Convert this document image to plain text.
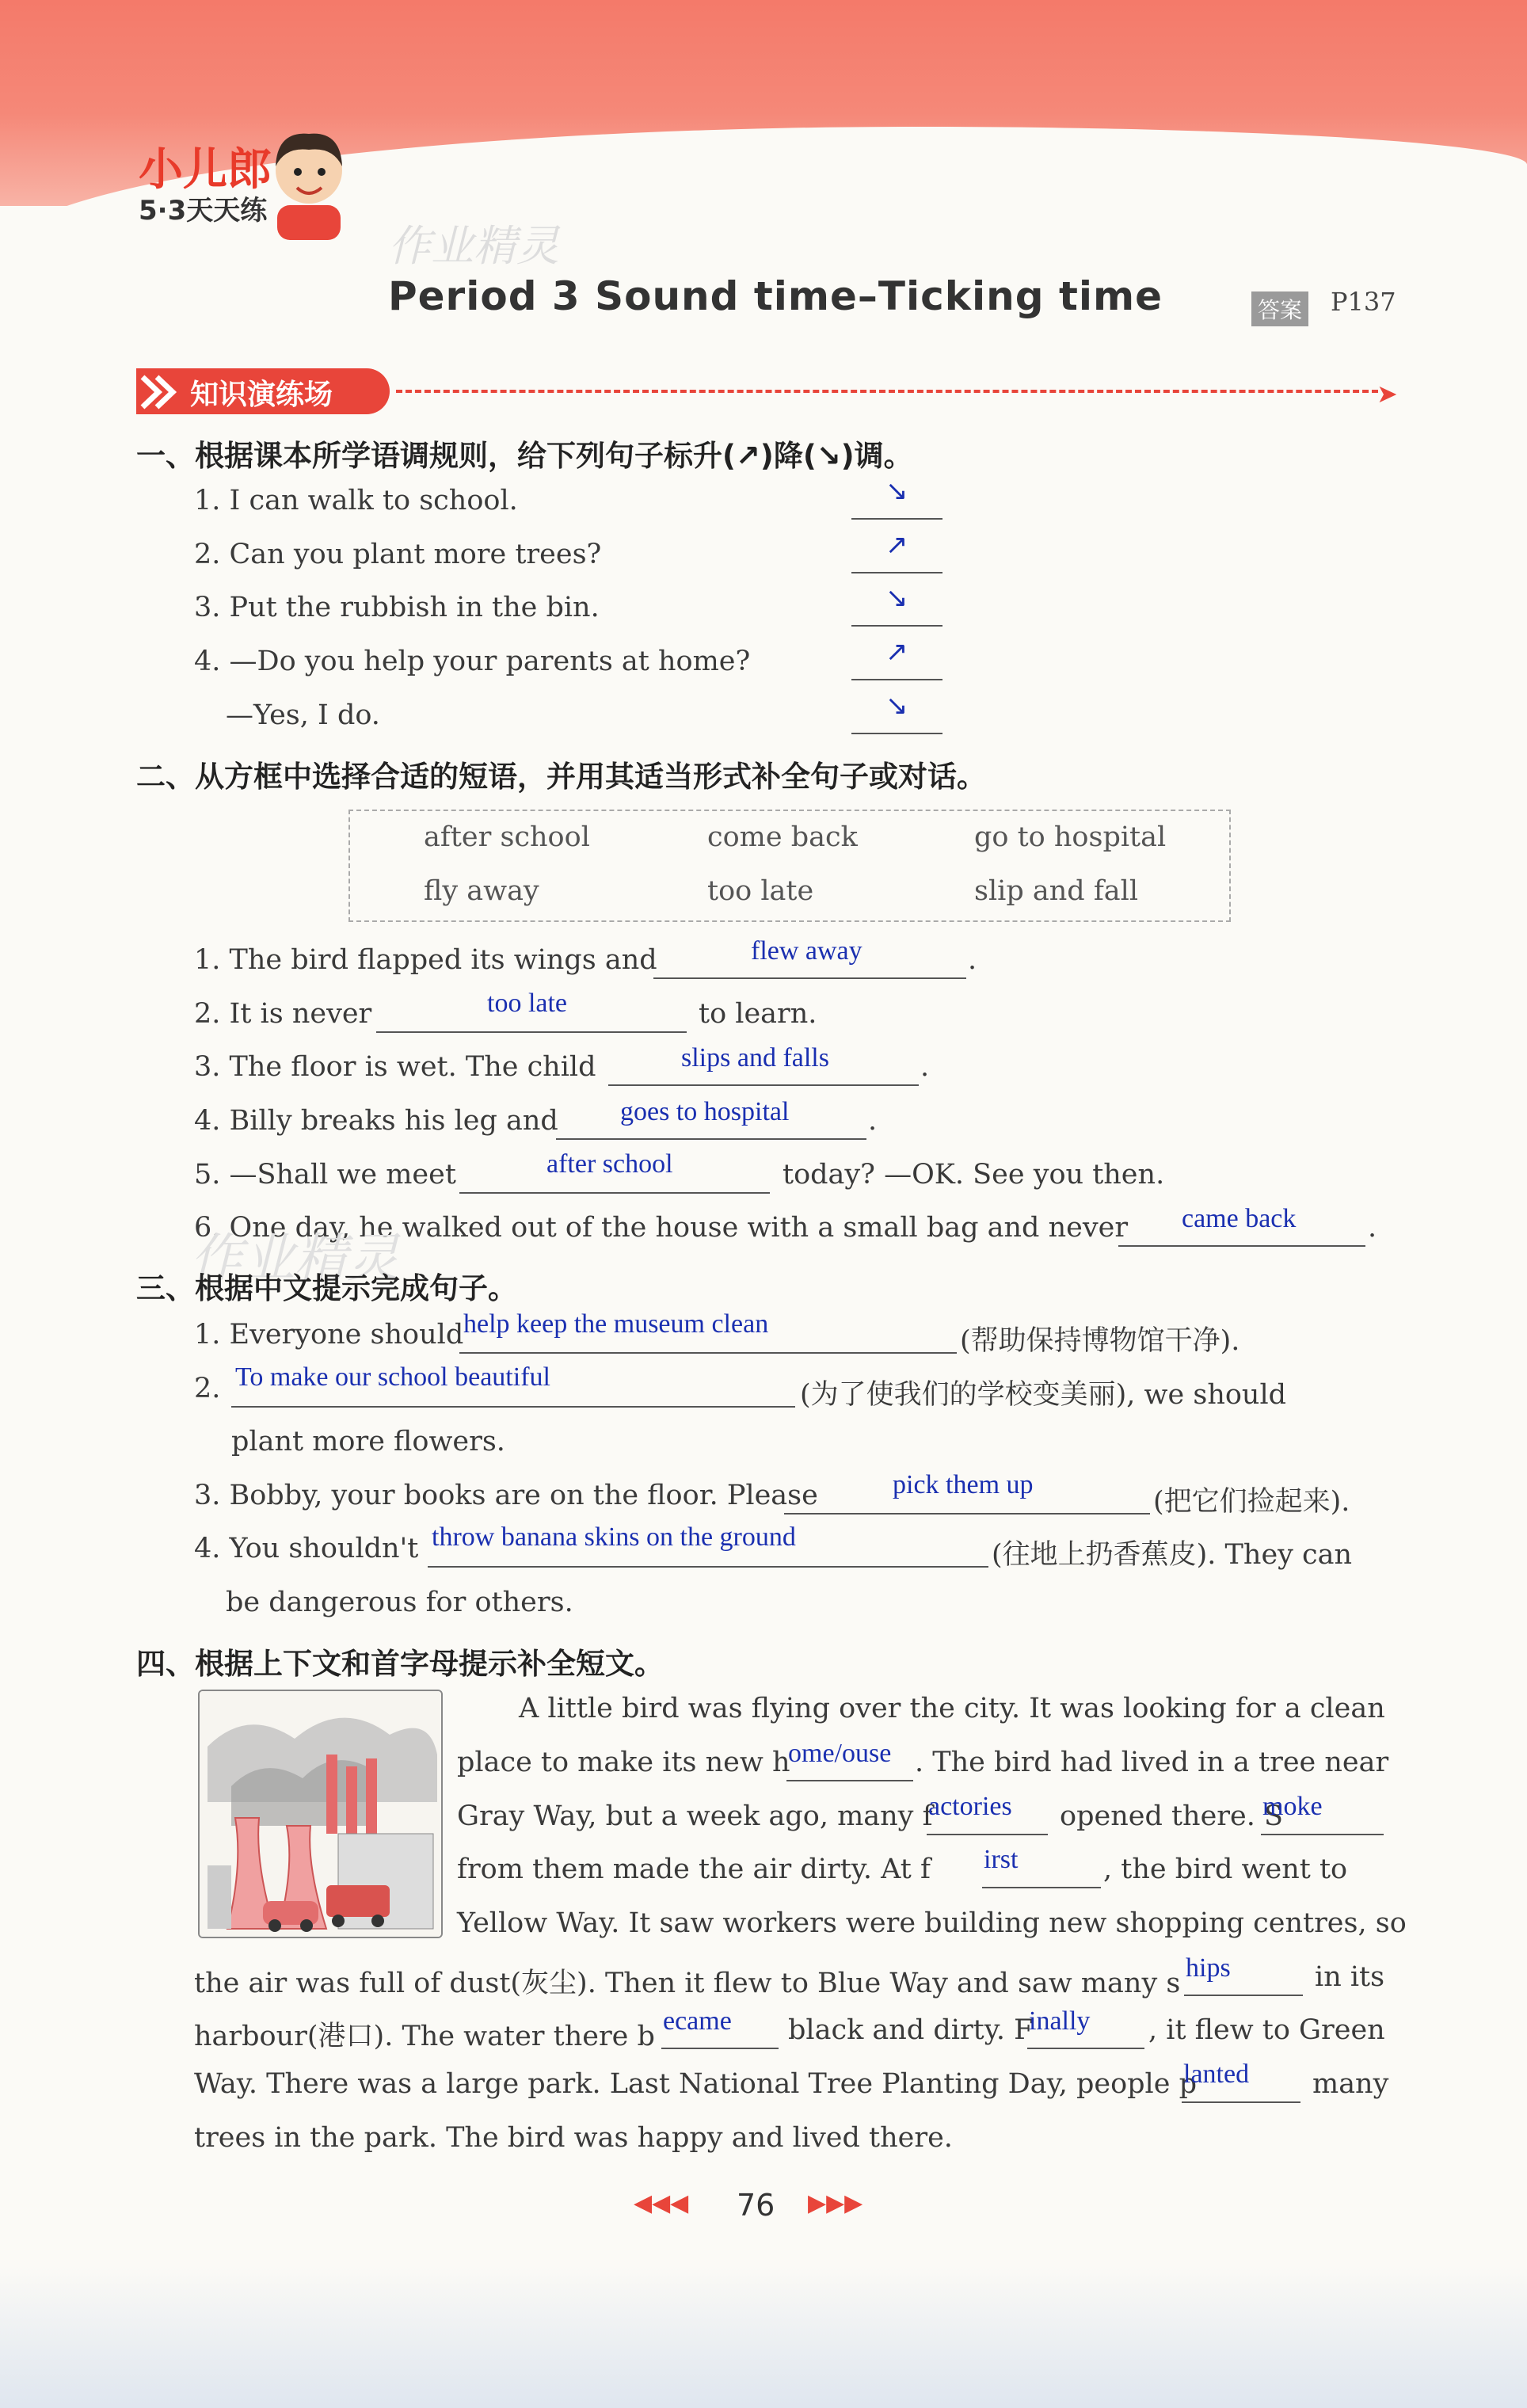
小儿郎
5·3天天练
作业精灵
Period 3 Sound time–Ticking time	答案 P137
知识演练场	➤
一、根据课本所学语调规则，给下列句子标升(↗)降(↘)调。
1. I can walk to school.	↘
2. Can you plant more trees?	↗
3. Put the rubbish in the bin.	↘
4. —Do you help your parents at home?	↗
—Yes, I do.	↘
二、从方框中选择合适的短语，并用其适当形式补全句子或对话。
after school	come back	go to hospital
fly away	too late	slip and fall
1. The bird flapped its wings and	flew away	.
2. It is never	too late	to learn.
3. The floor is wet. The child	slips and falls	.
4. Billy breaks his leg and goes to hospital	.
5. —Shall we meet	after school	today? —OK. See you then.
6. One day, he walked out of the house with a small bag and never came back	.
作业精灵
三、根据中文提示完成句子。
1. Everyone should help keep the museum clean
(帮助保持博物馆干净).
2. To make our school beautiful
(为了使我们的学校变美丽), we should
plant more flowers.
3. Bobby, your books are on the floor. Please	pick them up
(把它们捡起来).
4. You shouldn't throw banana skins on the ground
(往地上扔香蕉皮). They can
be dangerous for others.
四、根据上下文和首字母提示补全短文。
A little bird was flying over the city. It was looking for a clean
place to make its new h
ome/ouse . The bird had lived in a tree near
Gray Way, but a week ago, many f
actories opened there. S
moke
from them made the air dirty. At f irst	, the bird went to
Yellow Way. It saw workers were building new shopping centres, so
the air was full of dust(灰尘). Then it flew to Blue Way and saw many s hips	in its
harbour(港口). The water there b ecame black and dirty. F
inally , it flew to Green
Way. There was a large park. Last National Tree Planting Day, people p
lanted many
trees in the park. The bird was happy and lived there.
◀◀◀ 76 ▶▶▶
